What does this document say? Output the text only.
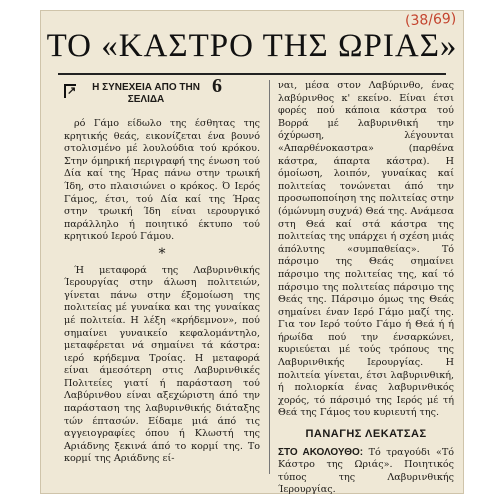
(38/69)
ΤΟ «ΚΑΣΤΡΟ ΤΗΣ ΩΡΙΑΣ»
↗	Η ΣΥΝΕΧΕΙΑ ΑΠΟ ΤΗΝ ΣΕΛΙΔΑ
6

ρό Γάμο είδωλο της έσθητας της κρητικής θεάς, εικονίζεται ένα βουνό στολισμένο μέ λουλούδια τού κρόκου. Στην όμηρική περιγραφή της ένωση τού Δία καί της Ήρας πάνω στην τρωική Ίδη, στο πλαισιώνει ο κρόκος. Ό Ιερός Γάμος, έτσι, τού Δία καί της Ήρας στην τρωική Ίδη είναι ιερουργικό παράλληλο ή ποιητικό έκτυπο τού κρητικού Ιερού Γάμου.

*

Ή μεταφορά της Λαβυρινθικής Ίερουργίας στην άλωση πολιτειών, γίνεται πάνω στην έξομοίωση της πολιτείας μέ γυναίκα και της γυναίκας μέ πολιτεία. Η λέξη «κρήδεμνον», πού σημαίνει γυναικείο κεφαλομάντηλο, μεταφέρεται νά σημαίνει τά κάστρα: ιερό κρήδεμνα Τροίας. Η μεταφορά είναι άμεσότερη στις Λαβυρινθικές Πολιτείες γιατί ή παράσταση τού Λαβύρινθου είναι αξεχώριστη άπό την παράσταση της λαβυρινθικής διάταξης τών έπτασών. Είδαμε μιά άπό τις αγγειογραφίες όπου ή Κλωστή της Αριάδνης ξεκινά άπό το κορμί της. Το κορμί της Αριάδνης εί-

ναι, μέσα στον Λαβύρινθο, ένας λαβύρινθος κ' εκείνο. Είναι έτσι φορές πού κάποια κάστρα τού Βορρά μέ λαβυρινθική την όχύρωση, λέγουνται «Απαρθένοκαστρα» (παρθένα κάστρα, άπαρτα κάστρα). Η όμοίωση, λοιπόν, γυναίκας καί πολιτείας τονώνεται άπό την προσωποποίηση της πολιτείας στην (όμώνυμη συχνά) Θεά της. Ανάμεσα στη Θεά καί στά κάστρα της πολιτείας της υπάρχει ή σχέση μιάς άπόλυτης «συμπαθείας». Τό πάρσιμο της Θεάς σημαίνει πάρσιμο της πολιτείας της, καί τό πάρσιμο της πολιτείας πάρσιμο της Θεάς της. Πάρσιμο όμως της Θεάς σημαίνει έναν Ιερό Γάμο μαζί της. Για τον Ιερό τούτο Γάμο ή Θεά ή ή ήρωίδα πού την ένσαρκώνει, κυριεύεται μέ τούς τρόπους της Λαβυρινθικής Ιερουργίας. Η πολιτεία γίνεται, έτσι λαβυρινθική, ή πολιορκία ένας λαβυρινθικός χορός, τό πάρσιμό της Ιερός μέ τή Θεά της Γάμος του κυριευτή της.

ΠΑΝΑΓΗΣ ΛΕΚΑΤΣΑΣ

ΣΤΟ ΑΚΟΛΟΥΘΟ: Τό τραγούδι «Τό Κάστρο της Ωριάς». Ποιητικός τύπος της Λαβυρινθικής Ίερουργίας.
